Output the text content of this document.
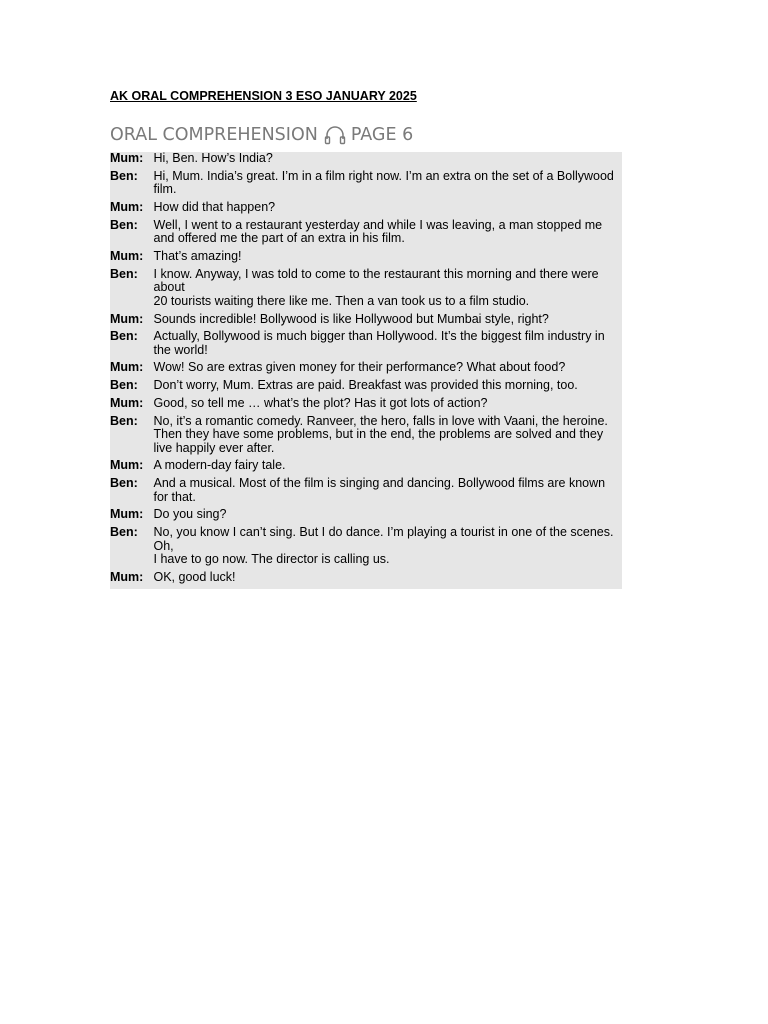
AK ORAL COMPREHENSION 3 ESO JANUARY 2025
ORAL COMPREHENSION PAGE 6
Mum: Hi, Ben. How’s India?
Ben:	Hi, Mum. India’s great. I’m in a film right now. I’m an extra on the set of a Bollywood film.
Mum: How did that happen?
Ben:	Well, I went to a restaurant yesterday and while I was leaving, a man stopped me and offered me the part of an extra in his film.
Mum: That’s amazing!
Ben:	I know. Anyway, I was told to come to the restaurant this morning and there were about
20 tourists waiting there like me. Then a van took us to a film studio.
Mum: Sounds incredible! Bollywood is like Hollywood but Mumbai style, right?
Ben:	Actually, Bollywood is much bigger than Hollywood. It’s the biggest film industry in the world!
Mum: Wow! So are extras given money for their performance? What about food?
Ben:	Don’t worry, Mum. Extras are paid. Breakfast was provided this morning, too.
Mum: Good, so tell me … what’s the plot? Has it got lots of action?
Ben:	No, it’s a romantic comedy. Ranveer, the hero, falls in love with Vaani, the heroine. Then they have some problems, but in the end, the problems are solved and they live happily ever after.
Mum: A modern-day fairy tale.
Ben:	And a musical. Most of the film is singing and dancing. Bollywood films are known for that.
Mum: Do you sing?
Ben:	No, you know I can’t sing. But I do dance. I’m playing a tourist in one of the scenes. Oh,
I have to go now. The director is calling us.
Mum: OK, good luck!
